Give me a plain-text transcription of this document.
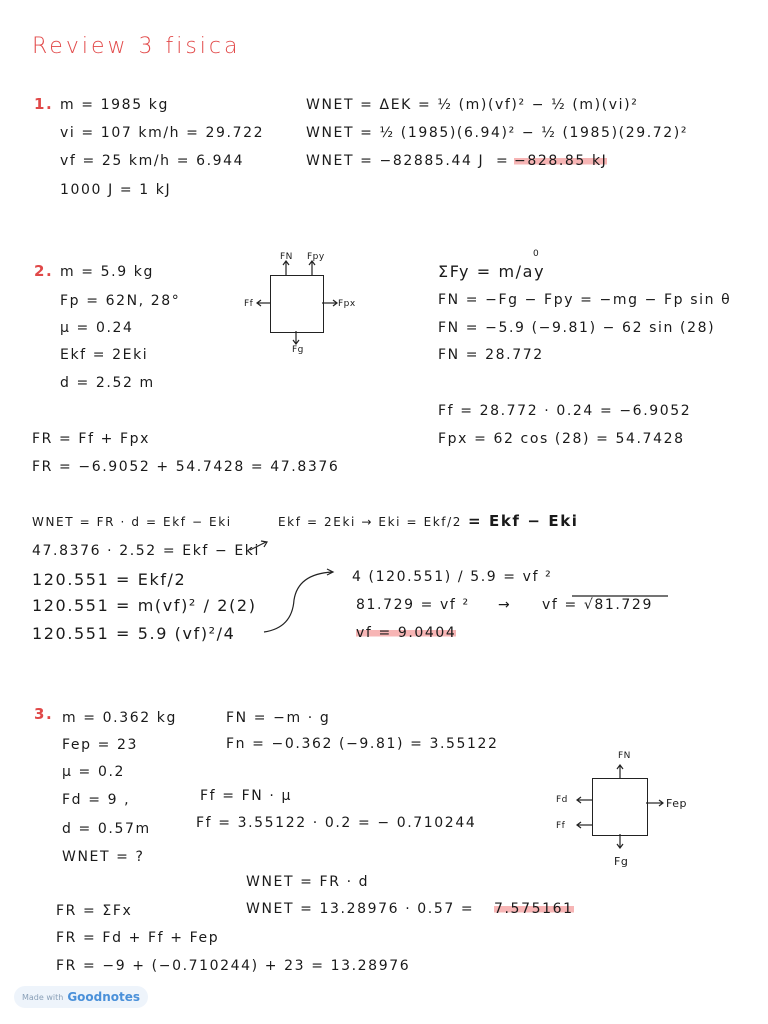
Review 3 fisica
1. m = 1985 kg
vi = 107 km/h = 29.722
vf = 25 km/h = 6.944
1000 J = 1 kJ
WNET = ΔEK = ½ (m)(vf)² − ½ (m)(vi)²
WNET = ½ (1985)(6.94)² − ½ (1985)(29.72)²
WNET = −82885.44 J = −828.85 kJ
2. m = 5.9 kg
Fp = 62N, 28°
μ = 0.24
Ekf = 2Eki
d = 2.52 m
FN Fpy
Ff	Fpx
Fg
ΣFy = m/ay
0
FN = −Fg − Fpy = −mg − Fp sin θ
FN = −5.9 (−9.81) − 62 sin (28)
FN = 28.772
Ff = 28.772 · 0.24 = −6.9052
Fpx = 62 cos (28) = 54.7428
FR = Ff + Fpx
FR = −6.9052 + 54.7428 = 47.8376
WNET = FR · d = Ekf − Eki	Ekf = 2Eki → Eki = Ekf/2 = Ekf − Eki
47.8376 · 2.52 = Ekf − Eki
120.551 = Ekf/2
120.551 = m(vf)² / 2(2)
120.551 = 5.9 (vf)²/4
4 (120.551) / 5.9 = vf ²
81.729 = vf ² → vf = √81.729
vf = 9.0404
3. m = 0.362 kg
Fep = 23
μ = 0.2
Fd = 9 ,
d = 0.57m
WNET = ?
FN = −m · g
Fn = −0.362 (−9.81) = 3.55122
Ff = FN · μ
Ff = 3.55122 · 0.2 = − 0.710244
FN
Fd
Ff
Fep
Fg
WNET = FR · d
WNET = 13.28976 · 0.57 = 7.575161
FR = ΣFx
FR = Fd + Ff + Fep
FR = −9 + (−0.710244) + 23 = 13.28976
Made with Goodnotes
